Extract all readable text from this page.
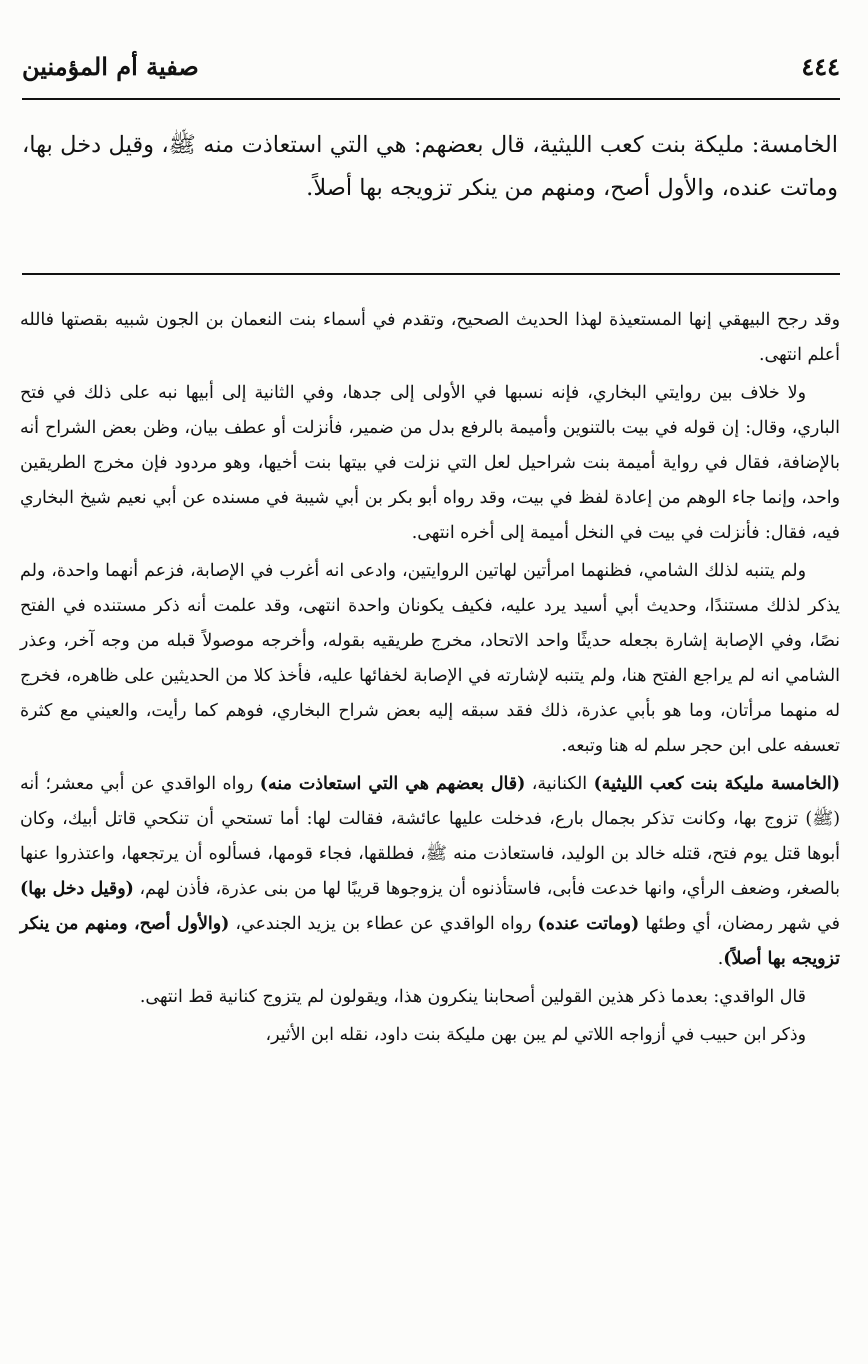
٤٤٤
صفية أم المؤمنين
الخامسة: مليكة بنت كعب الليثية، قال بعضهم: هي التي استعاذت منه ﷺ، وقيل دخل بها، وماتت عنده، والأول أصح، ومنهم من ينكر تزويجه بها أصلاً.

وقد رجح البيهقي إنها المستعيذة لهذا الحديث الصحيح، وتقدم في أسماء بنت النعمان بن الجون شبيه بقصتها فالله أعلم انتهى.

ولا خلاف بين روايتي البخاري، فإنه نسبها في الأولى إلى جدها، وفي الثانية إلى أبيها نبه على ذلك في فتح الباري، وقال: إن قوله في بيت بالتنوين وأميمة بالرفع بدل من ضمير، فأنزلت أو عطف بيان، وظن بعض الشراح أنه بالإضافة، فقال في رواية أميمة بنت شراحيل لعل التي نزلت في بيتها بنت أخيها، وهو مردود فإن مخرج الطريقين واحد، وإنما جاء الوهم من إعادة لفظ في بيت، وقد رواه أبو بكر بن أبي شيبة في مسنده عن أبي نعيم شيخ البخاري فيه، فقال: فأنزلت في بيت في النخل أميمة إلى أخره انتهى.

ولم يتنبه لذلك الشامي، فظنهما امرأتين لهاتين الروايتين، وادعى انه أغرب في الإصابة، فزعم أنهما واحدة، ولم يذكر لذلك مستندًا، وحديث أبي أسيد يرد عليه، فكيف يكونان واحدة انتهى، وقد علمت أنه ذكر مستنده في الفتح نصًا، وفي الإصابة إشارة بجعله حديثًا واحد الاتحاد، مخرج طريقيه بقوله، وأخرجه موصولاً قبله من وجه آخر، وعذر الشامي انه لم يراجع الفتح هنا، ولم يتنبه لإشارته في الإصابة لخفائها عليه، فأخذ كلا من الحديثين على ظاهره، فخرج له منهما مرأتان، وما هو بأبي عذرة، ذلك فقد سبقه إليه بعض شراح البخاري، فوهم كما رأيت، والعيني مع كثرة تعسفه على ابن حجر سلم له هنا وتبعه.

(الخامسة مليكة بنت كعب الليثية) الكنانية، (قال بعضهم هي التي استعاذت منه) رواه الواقدي عن أبي معشر؛ أنه (ﷺ) تزوج بها، وكانت تذكر بجمال بارع، فدخلت عليها عائشة، فقالت لها: أما تستحي أن تنكحي قاتل أبيك، وكان أبوها قتل يوم فتح، قتله خالد بن الوليد، فاستعاذت منه ﷺ، فطلقها، فجاء قومها، فسألوه أن يرتجعها، واعتذروا عنها بالصغر، وضعف الرأي، وانها خدعت فأبى، فاستأذنوه أن يزوجوها قريبًا لها من بنى عذرة، فأذن لهم، (وقيل دخل بها) في شهر رمضان، أي وطئها (وماتت عنده) رواه الواقدي عن عطاء بن يزيد الجندعي، (والأول أصح، ومنهم من ينكر تزويجه بها أصلاً).

قال الواقدي: بعدما ذكر هذين القولين أصحابنا ينكرون هذا، ويقولون لم يتزوج كنانية قط انتهى.

وذكر ابن حبيب في أزواجه اللاتي لم يبن بهن مليكة بنت داود، نقله ابن الأثير،
